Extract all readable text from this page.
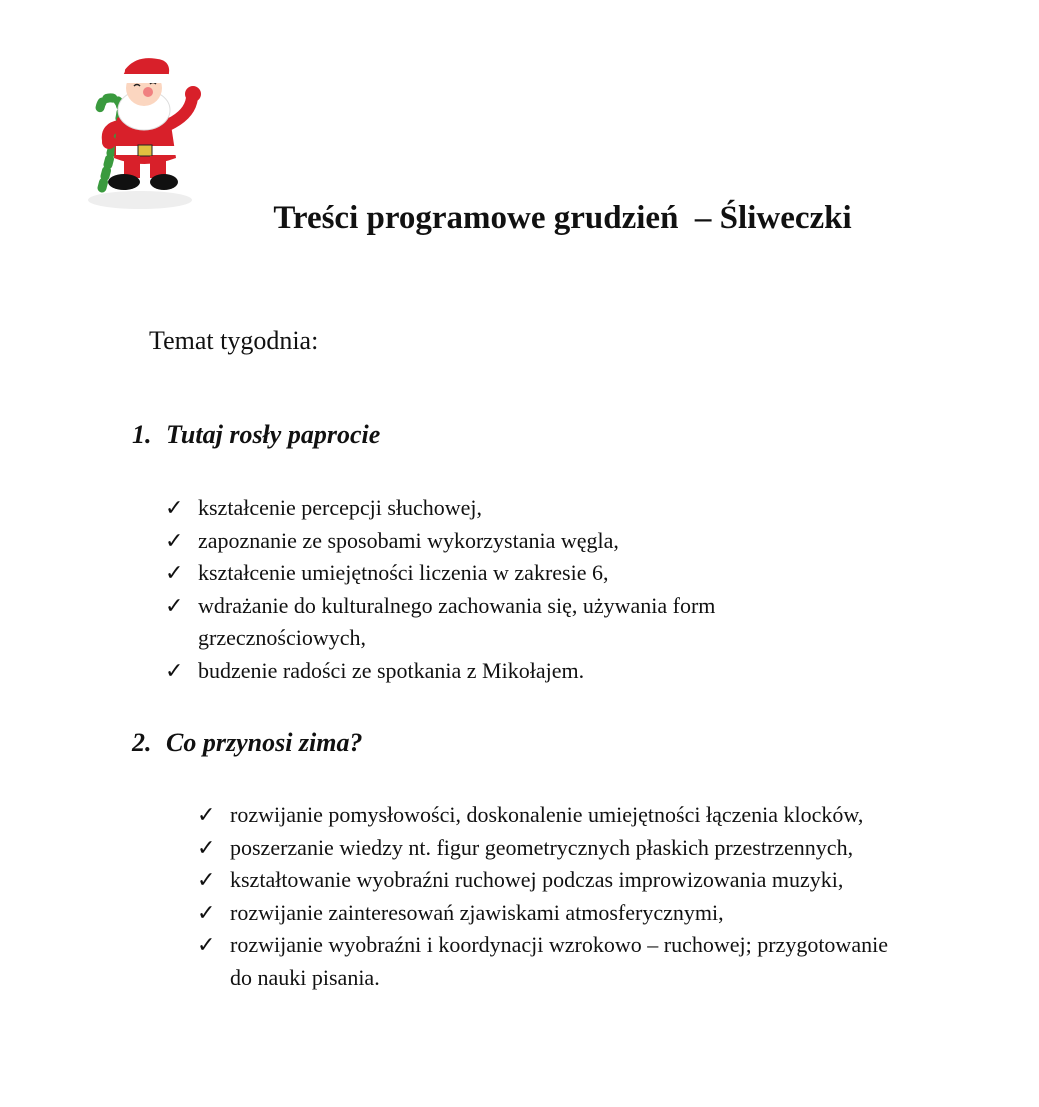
Treści programowe grudzień  – Śliweczki
Temat tygodnia:
1. Tutaj rosły paprocie
✓ kształcenie percepcji słuchowej,
✓ zapoznanie ze sposobami wykorzystania węgla,
✓ kształcenie umiejętności liczenia w zakresie 6,
✓ wdrażanie do kulturalnego zachowania się, używania form grzecznościowych,
✓ budzenie radości ze spotkania z Mikołajem.
2. Co przynosi zima?
✓ rozwijanie pomysłowości, doskonalenie umiejętności łączenia klocków,
✓ poszerzanie wiedzy nt. figur geometrycznych płaskich przestrzennych,
✓ kształtowanie wyobraźni ruchowej podczas improwizowania muzyki,
✓ rozwijanie zainteresowań zjawiskami atmosferycznymi,
✓ rozwijanie wyobraźni i koordynacji wzrokowo – ruchowej; przygotowanie do nauki pisania.
